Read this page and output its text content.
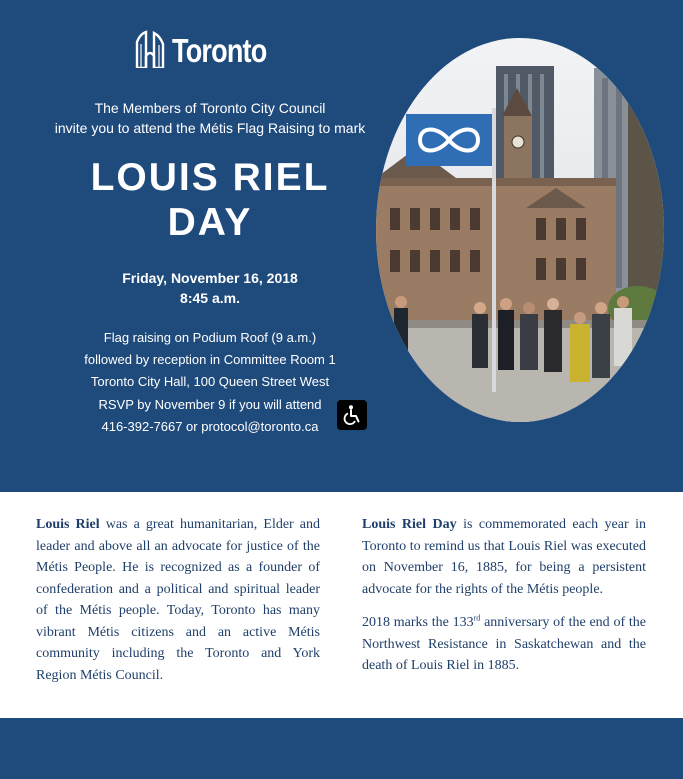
Toronto
The Members of Toronto City Council
invite you to attend the Métis Flag Raising to mark
LOUIS RIEL
DAY
Friday, November 16, 2018
8:45 a.m.
Flag raising on Podium Roof (9 a.m.)
followed by reception in Committee Room 1
Toronto City Hall, 100 Queen Street West
RSVP by November 9 if you will attend
416-392-7667 or protocol@toronto.ca

Louis Riel was a great humanitarian, Elder and leader and above all an advocate for justice of the Métis People. He is recognized as a founder of confederation and a political and spiritual leader of the Métis people. Today, Toronto has many vibrant Métis citizens and an active Métis community including the Toronto and York Region Métis Council.

Louis Riel Day is commemorated each year in Toronto to remind us that Louis Riel was executed on November 16, 1885, for being a persistent advocate for the rights of the Métis people.

2018 marks the 133rd anniversary of the end of the Northwest Resistance in Saskatchewan and the death of Louis Riel in 1885.
